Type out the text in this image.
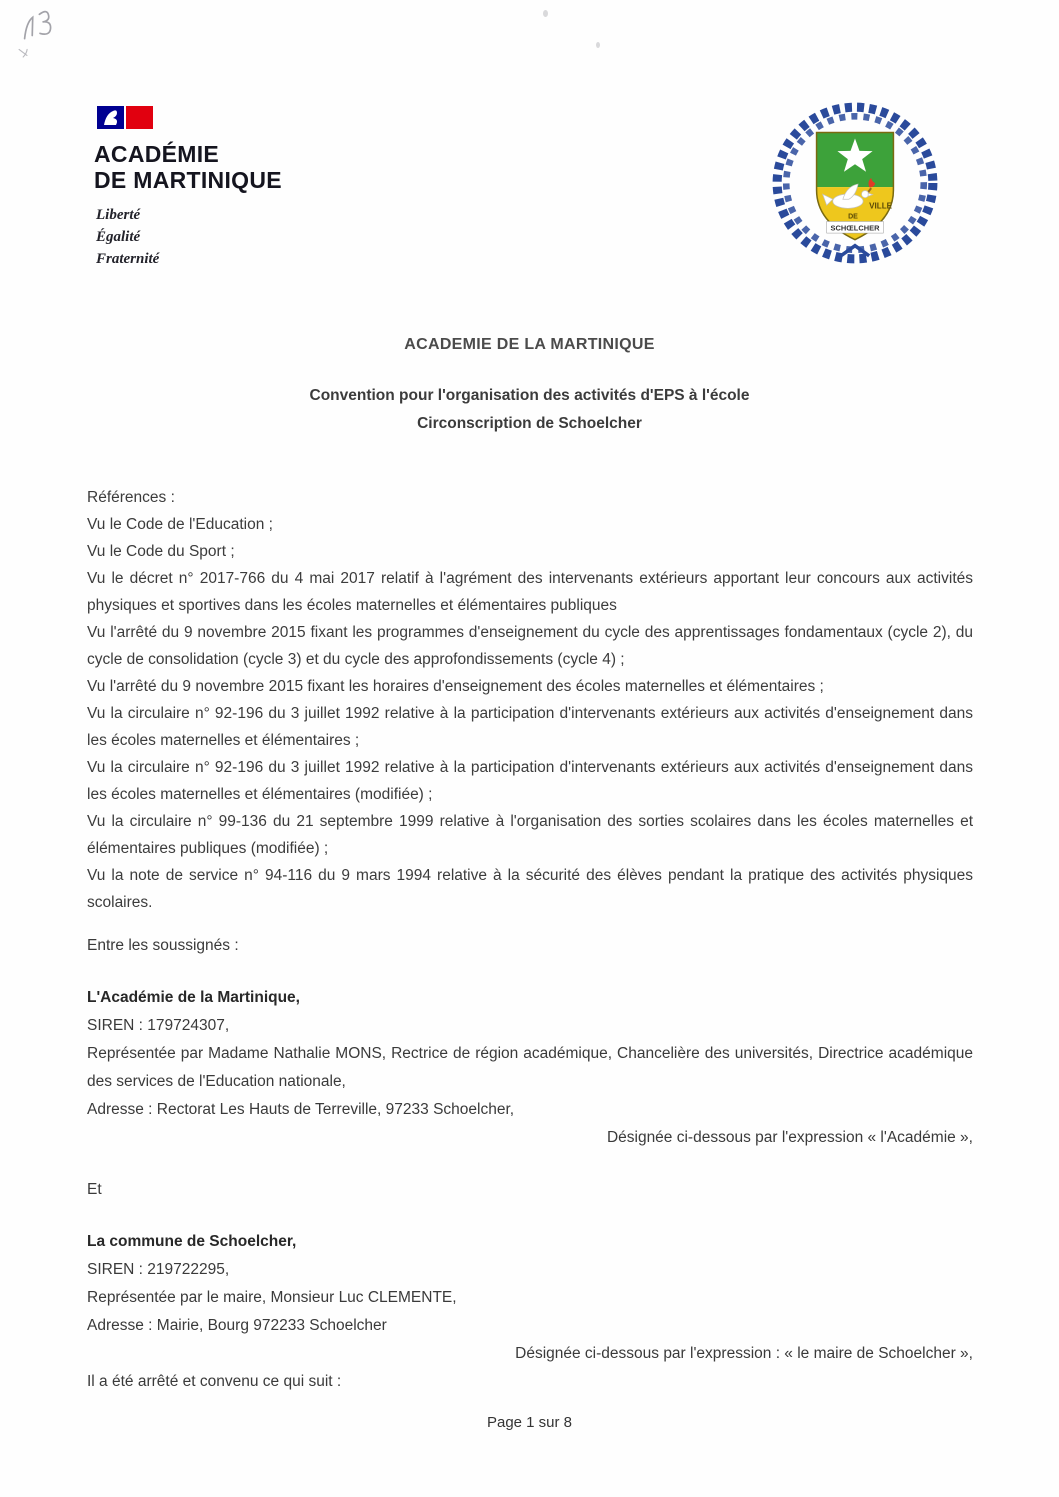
ACADÉMIE
DE MARTINIQUE
Liberté
Égalité
Fraternité
VILLE
DE
SCHŒLCHER
ACADEMIE DE LA MARTINIQUE
Convention pour l'organisation des activités d'EPS à l'école
Circonscription de Schoelcher

Références :

Vu le Code de l'Education ;

Vu le Code du Sport ;

Vu le décret n° 2017-766 du 4 mai 2017 relatif à l'agrément des intervenants extérieurs apportant leur concours aux activités physiques et sportives dans les écoles maternelles et élémentaires publiques

Vu l'arrêté du 9 novembre 2015 fixant les programmes d'enseignement du cycle des apprentissages fondamentaux (cycle 2), du cycle de consolidation (cycle 3) et du cycle des approfondissements (cycle 4) ;

Vu l'arrêté du 9 novembre 2015 fixant les horaires d'enseignement des écoles maternelles et élémentaires ;

Vu la circulaire n° 92-196 du 3 juillet 1992 relative à la participation d'intervenants extérieurs aux activités d'enseignement dans les écoles maternelles et élémentaires ;

Vu la circulaire n° 92-196 du 3 juillet 1992 relative à la participation d'intervenants extérieurs aux activités d'enseignement dans les écoles maternelles et élémentaires (modifiée) ;

Vu la circulaire n° 99-136 du 21 septembre 1999 relative à l'organisation des sorties scolaires dans les écoles maternelles et élémentaires publiques (modifiée) ;

Vu la note de service n° 94-116 du 9 mars 1994 relative à la sécurité des élèves pendant la pratique des activités physiques scolaires.

Entre les soussignés :

L'Académie de la Martinique,

SIREN : 179724307,

Représentée par Madame Nathalie MONS, Rectrice de région académique, Chancelière des universités, Directrice académique des services de l'Education nationale,

Adresse : Rectorat Les Hauts de Terreville, 97233 Schoelcher,

Désignée ci-dessous par l'expression « l'Académie »,

Et

La commune de Schoelcher,

SIREN : 219722295,

Représentée par le maire, Monsieur Luc CLEMENTE,

Adresse : Mairie, Bourg 972233 Schoelcher

Désignée ci-dessous par l'expression : « le maire de Schoelcher »,

Il a été arrêté et convenu ce qui suit :

Page 1 sur 8
